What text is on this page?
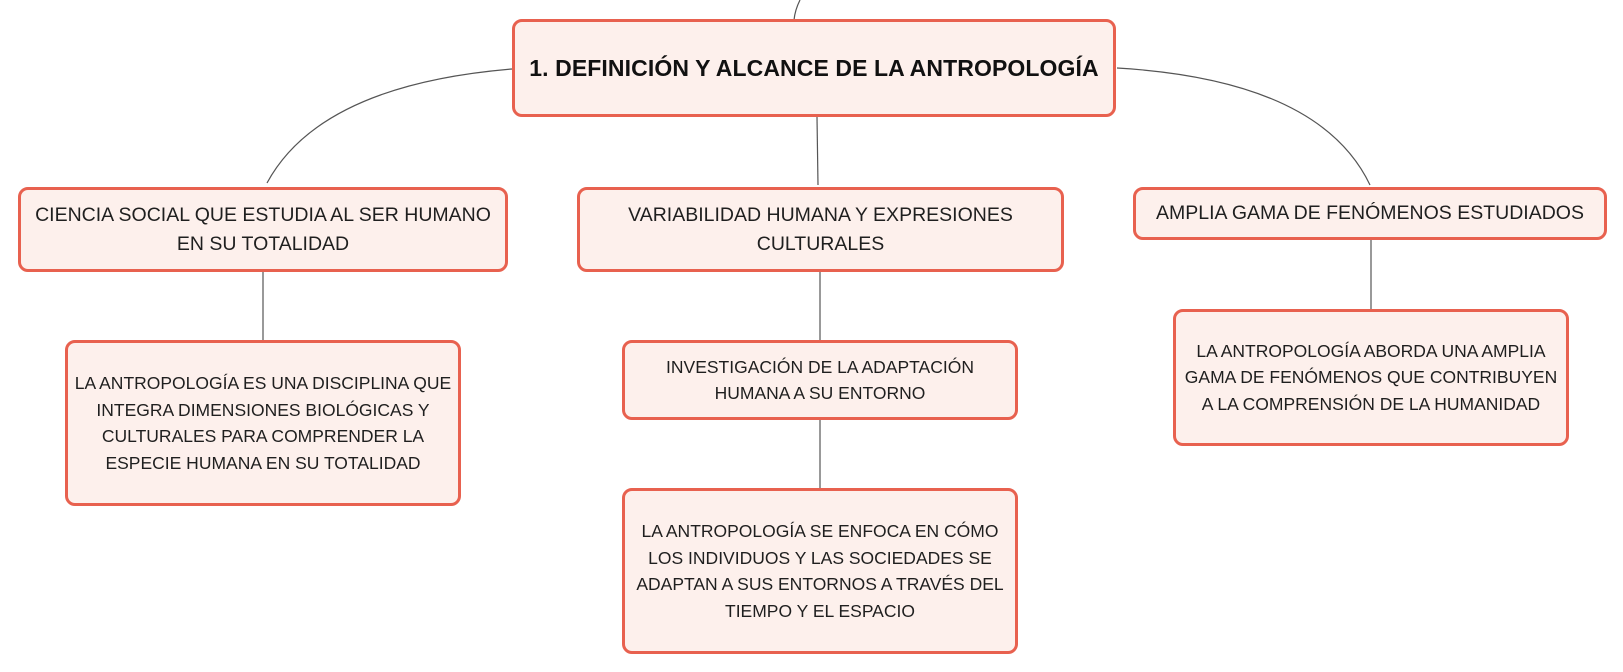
1. DEFINICIÓN Y ALCANCE DE LA ANTROPOLOGÍA
CIENCIA SOCIAL QUE ESTUDIA AL SER HUMANO EN SU TOTALIDAD
VARIABILIDAD HUMANA Y EXPRESIONES CULTURALES
AMPLIA GAMA DE FENÓMENOS ESTUDIADOS
LA ANTROPOLOGÍA ES UNA DISCIPLINA QUE INTEGRA DIMENSIONES BIOLÓGICAS Y CULTURALES PARA COMPRENDER LA ESPECIE HUMANA EN SU TOTALIDAD
INVESTIGACIÓN DE LA ADAPTACIÓN HUMANA A SU ENTORNO
LA ANTROPOLOGÍA SE ENFOCA EN CÓMO LOS INDIVIDUOS Y LAS SOCIEDADES SE ADAPTAN A SUS ENTORNOS A TRAVÉS DEL TIEMPO Y EL ESPACIO
LA ANTROPOLOGÍA ABORDA UNA AMPLIA GAMA DE FENÓMENOS QUE CONTRIBUYEN A LA COMPRENSIÓN DE LA HUMANIDAD
